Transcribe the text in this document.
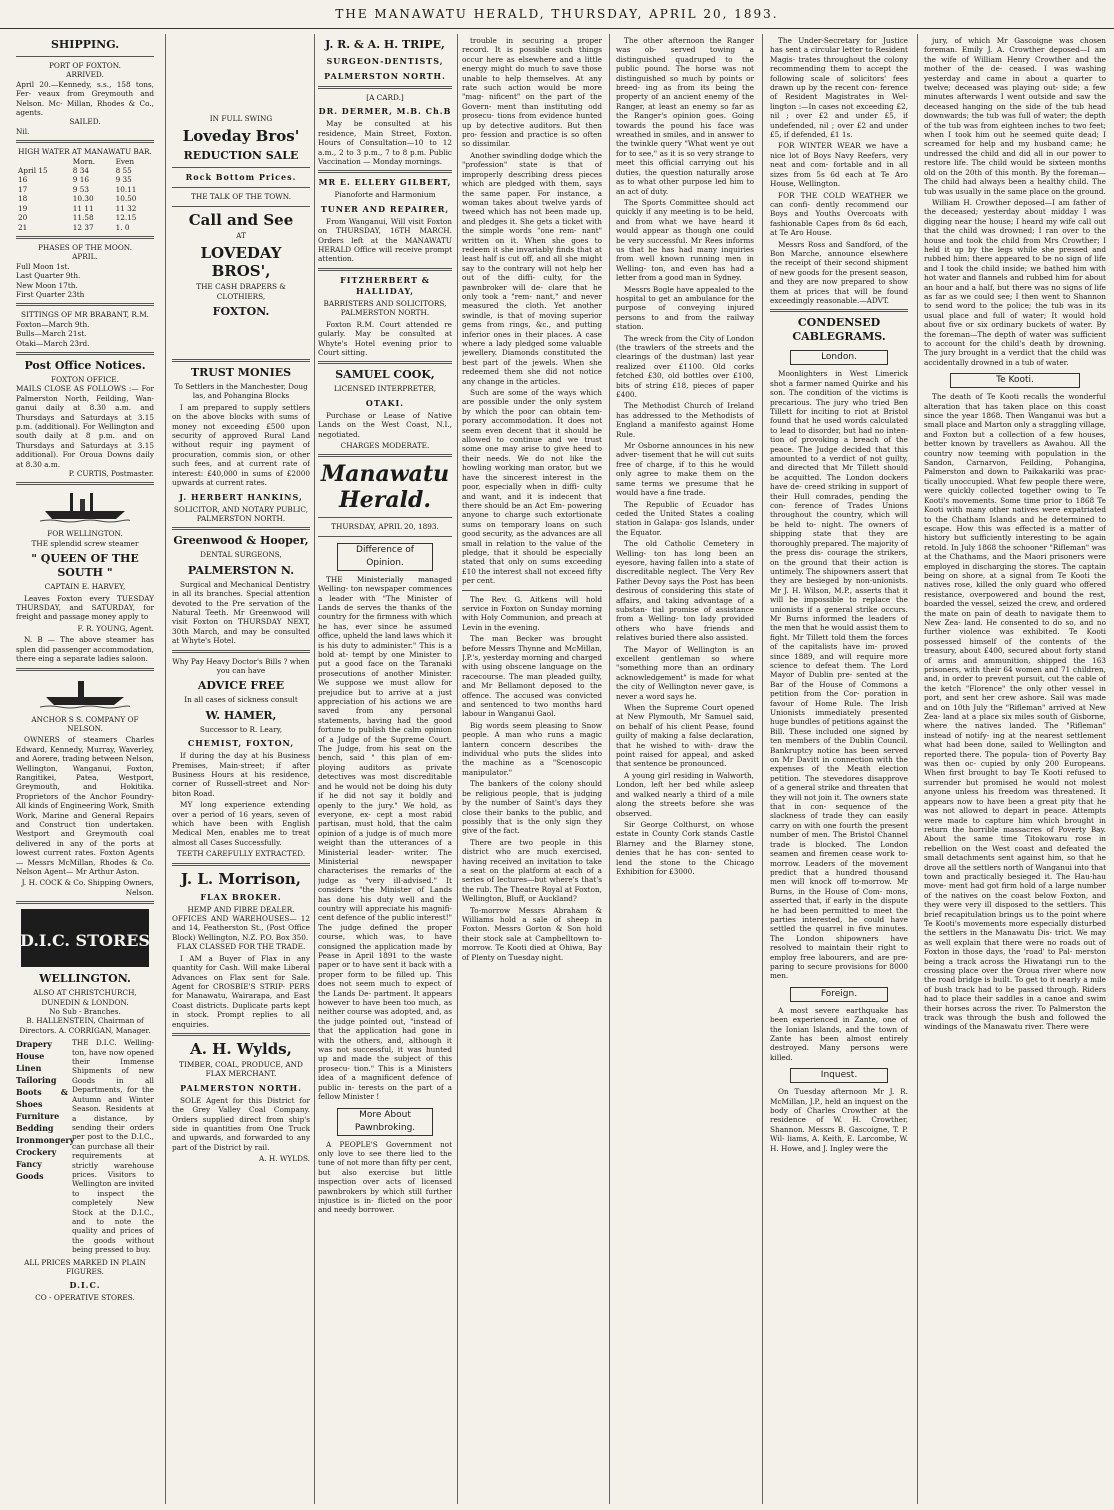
THE MANAWATU HERALD, THURSDAY, APRIL 20, 1893.
SHIPPING.
PORT OF FOXTON.
ARRIVED.
April 20.—Kennedy, s.s., 158 tons, Fer- veaux from Greymouth and Nelson. Mc- Millan, Rhodes & Co., agents.
SAILED.
Nil.
HIGH WATER AT MANAWATU BAR.
	Morn.	Even
April 15	8 34	8 55
16	9 16	9 35
17	9 53	10.11
18	10.30	10.50
19	11 11	11 32
20	11.58	12.15
21	12 37	1. 0
PHASES OF THE MOON.
APRIL.
Full Moon 1st.
Last Quarter 9th.
New Moon 17th.
First Quarter 23th
SITTINGS OF MR BRABANT, R.M.
Foxton—March 9th.
Bulls—March 21st.
Otaki—March 23rd.
Post Office Notices.
FOXTON OFFICE.
MAILS CLOSE AS FOLLOWS :— For Palmerston North, Feilding, Wan- ganui daily at 8.30 a.m. and Thursdays and Saturdays at 3.15 p.m. (additional). For Wellington and south daily at 8 p.m. and on Thursdays and Saturdays at 3.15 additional). For Oroua Downs daily at 8.30 a.m.
P. CURTIS, Postmaster.
FOR WELLINGTON.
THE splendid screw steamer
" QUEEN OF THE SOUTH "
CAPTAIN E. HARVEY,
Leaves Foxton every TUESDAY THURSDAY, and SATURDAY, for freight and passage money apply to
F. R. YOUNG, Agent.
N. B — The above steamer has splen did passenger accommodation, there eing a separate ladies saloon.
ANCHOR S S. COMPANY OF NELSON.
OWNERS of steamers Charles Edward, Kennedy, Murray, Waverley, and Aorere, trading between Nelson, Wellington, Wanganui, Foxton, Rangitikei, Patea, Westport, Greymouth, and Hokitika. Proprietors of the Anchor Foundry- All kinds of Engineering Work, Smith Work, Marine and General Repairs and Construct tion undertaken. Westport and Greymouth coal delivered in any of the ports at lowest current rates. Foxton Agents— Messrs McMillan, Rhodes & Co. Nelson Agent— Mr Arthur Aston.
J. H. COCK & Co. Shipping Owners, Nelson.
D.I.C. STORES
WELLINGTON.
ALSO AT CHRISTCHURCH, DUNEDIN & LONDON.
No Sub - Branches.
B. HALLENSTEIN, Chairman of Directors. A. CORRIGAN, Manager.
Drapery
House Linen
Tailoring
Boots & Shoes
Furniture
Bedding
Ironmongery
Crockery
Fancy Goods
THE D.I.C. Welling- ton, have now opened their Immense Shipments of new Goods in all Departments, for the Autumn and Winter Season. Residents at a distance, by sending their orders per post to the D.I.C., can purchase all their requirements at strictly warehouse prices. Visitors to Wellington are invited to inspect the completely New Stock at the D.I.C., and to note the quality and prices of the goods without being pressed to buy.
ALL PRICES MARKED IN PLAIN FIGURES.
D.I.C.
CO - OPERATIVE STORES.
IN FULL SWING
Loveday Bros'
REDUCTION SALE
Rock Bottom Prices.
THE TALK OF THE TOWN.
Call and See
AT
LOVEDAY BROS',
THE CASH DRAPERS & CLOTHIERS,
FOXTON.
TRUST MONIES
To Settlers in the Manchester, Doug las, and Pohangina Blocks
I am prepared to supply settlers on the above blocks with sums of money not exceeding £500 upon security of approved Rural Land without requir ing payment of procuration, commis sion, or other such fees, and at current rate of interest: £40,000 in sums of £2000 upwards at current rates.
J. HERBERT HANKINS,
SOLICITOR, AND NOTARY PUBLIC, PALMERSTON NORTH.
Greenwood & Hooper,
DENTAL SURGEONS,
PALMERSTON N.
Surgical and Mechanical Dentistry in all its branches. Special attention devoted to the Pre servation of the Natural Teeth. Mr Greenwood will visit Foxton on THURSDAY NEXT, 30th March, and may be consulted at Whyte's Hotel.
Why Pay Heavy Doctor's Bills ? when you can have
ADVICE FREE
In all cases of sickness consult
W. HAMER,
Successor to R. Leary,
CHEMIST, FOXTON,
If during the day at his Business Premises, Main-street; if after Business Hours at his residence, corner of Russell-street and Nor- biton Road.
MY long experience extending over a period of 16 years, seven of which have been with English Medical Men, enables me to treat almost all Cases Successfully.
TEETH CAREFULLY EXTRACTED.
J. L. Morrison,
FLAX BROKER.
HEMP AND FIBRE DEALER.
OFFICES AND WAREHOUSES— 12 and 14, Featherston St., (Post Office Block) Wellington, N.Z. P.O. Box 350.
FLAX CLASSED FOR THE TRADE.
I AM a Buyer of Flax in any quantity for Cash. Will make Liberal Advances on Flax sent for Sale. Agent for CROSBIE'S STRIP- PERS for Manawatu, Wairarapa, and East Coast districts. Duplicate parts kept in stock. Prompt replies to all enquiries.
A. H. Wylds,
TIMBER, COAL, PRODUCE, AND FLAX MERCHANT.
PALMERSTON NORTH.
SOLE Agent for this District for the Grey Valley Coal Company. Orders supplied direct from ship's side in quantities from One Truck and upwards, and forwarded to any part of the District by rail.
A. H. WYLDS.
J. R. & A. H. TRIPE,
SURGEON-DENTISTS,
PALMERSTON NORTH.
[A CARD.]
DR. DERMER, M.B. Ch.B
May be consulted at his residence, Main Street, Foxton. Hours of Consultation—10 to 12 a.m., 2 to 3 p.m., 7 to 8 p.m. Public Vaccination — Monday mornings.
MR E. ELLERY GILBERT,
Pianoforte and Harmonium
TUNER AND REPAIRER,
From Wanganui, Will visit Foxton on THURSDAY, 16TH MARCH. Orders left at the MANAWATU HERALD Office will receive prompt attention.
FITZHERBERT & HALLIDAY,
BARRISTERS AND SOLICITORS,
PALMERSTON NORTH.
Foxton R.M. Court attended re gularly. May be consulted at Whyte's Hotel evening prior to Court sitting.
SAMUEL COOK,
LICENSED INTERPRETER,
OTAKI.
Purchase or Lease of Native Lands on the West Coast, N.I., negotiated.
CHARGES MODERATE.
Manawatu Herald.
THURSDAY, APRIL 20, 1893.
Difference of Opinion.
THE Ministerially managed Welling- ton newspaper commences a leader with "The Minister of Lands de serves the thanks of the country for the firmness with which he has, ever since he assumed office, upheld the land laws which it is his duty to administer." This is a bold at- tempt by one Minister to put a good face on the Taranaki prosecutions of another Minister. We suppose we must allow for prejudice but to arrive at a just appreciation of his actions we are saved from any personal statements, having had the good fortune to publish the calm opinion of a Judge of the Supreme Court. The Judge, from his seat on the bench, said " this plan of em- ploying auditors as private detectives was most discreditable and he would not be doing his duty if he did not say it boldly and openly to the jury." We hold, as everyone, ex- cept a most rabid partisan, must hold, that the calm opinion of a judge is of much more weight than the utterances of a Ministerial leader- writer. The Ministerial newspaper characterises the remarks of the judge as "very ill-advised." It considers "the Minister of Lands has done his duty well and the country will appreciate his magnifi- cent defence of the public interest!" The judge defined the proper course, which was, to have consigned the application made by Pease in April 1891 to the waste paper or to have sent it back with a proper form to be filled up. This does not seem much to expect of the Lands De- partment. It appears however to have been too much, as neither course was adopted, and, as the judge pointed out, "instead of that the application had gone in with the others, and, although it was not successful, it was hunted up and made the subject of this prosecu- tion." This is a Ministers idea of a magnificent defence of public in- terests on the part of a fellow Minister !
More About Pawnbroking.
A PEOPLE'S Government not only love to see there lied to the tune of not more than fifty per cent, but also exercise but little inspection over acts of licensed pawnbrokers by which still further injustice is in- flicted on the poor and needy borrower.
trouble in securing a proper record. It is possible such things occur here as elsewhere and a little energy might do much to save those unable to help themselves. At any rate such action would be more "mag- nificent" on the part of the Govern- ment than instituting odd prosecu- tions from evidence hunted up by detective auditors. But then pro- fession and practice is so often so dissimilar.
Another swindling dodge which the "profession" state is that of improperly describing dress pieces which are pledged with them, says the same paper. For instance, a woman takes about twelve yards of tweed which has not been made up, and pledges it. She gets a ticket with the simple words "one rem- nant" written on it. When she goes to redeem it she invariably finds that at least half is cut off, and all she might say to the contrary will not help her out of the diffi- culty, for the pawnbroker will de- clare that he only took a "rem- nant," and never measured the cloth. Yet another swindle, is that of moving superior gems from rings, &c., and putting inferior ones in their places. A case where a lady pledged some valuable jewellery. Diamonds constituted the best part of the jewels. When she redeemed them she did not notice any change in the articles.
Such are some of the ways which are possible under the only system by which the poor can obtain tem- porary accommodation. It does not seem even decent that it should be allowed to continue and we trust some one may arise to give heed to their needs. We do not like the howling working man orator, but we have the sincerest interest in the poor, especially when in diffi- culty and want, and it is indecent that there should be an Act Em- powering anyone to charge such extortionate sums on temporary loans on such good security, as the advances are all small in relation to the value of the pledge, that it should be especially stated that only on sums exceeding £10 the interest shall not exceed fifty per cent.
The Rev. G. Aitkens will hold service in Foxton on Sunday morning with Holy Communion, and preach at Levin in the evening.
The man Becker was brought before Messrs Thynne and McMillan, J.P.'s, yesterday morning and charged with using obscene language on the racecourse. The man pleaded guilty, and Mr Bellamont deposed to the offence. The accused was convicted and sentenced to two months hard labour in Wanganui Gaol.
Big words seem pleasing to Snow people. A man who runs a magic lantern concern describes the individual who puts the slides into the machine as a "Scenoscopic manipulator."
The bankers of the colony should be religious people, that is judging by the number of Saint's days they close their banks to the public, and possibly that is the only sign they give of the fact.
There are two people in this district who are much exercised, having received an invitation to take a seat on the platform at each of a series of lectures—but where's that's the rub. The Theatre Royal at Foxton, Wellington, Bluff, or Auckland?
To-morrow Messrs Abraham & Williams hold a sale of sheep in Foxton. Messrs Gorton & Son hold their stock sale at Campbelltown to-morrow. Te Kooti died at Ohiwa, Bay of Plenty on Tuesday night.
The other afternoon the Ranger was ob- served towing a distinguished quadruped to the public pound. The horse was not distinguished so much by points or breed- ing as from its being the property of an ancient enemy of the Ranger, at least an enemy so far as the Ranger's opinion goes. Going towards the pound his face was wreathed in smiles, and in answer to the twinkle query "What went ye out for to see," as it is so very strange to meet this official carrying out his duties, the question naturally arose as to what other purpose led him to an act of duty.
The Sports Committee should act quickly if any meeting is to be held, and from what we have heard it would appear as though one could be very successful. Mr Rees informs us that he has had many inquiries from well known running men in Welling- ton, and even has had a letter from a good man in Sydney.
Messrs Bogle have appealed to the hospital to get an ambulance for the purpose of conveying injured persons to and from the railway station.
The wreck from the City of London (the trawlers of the streets and the clearings of the dustman) last year realized over £1100. Old corks fetched £30, old bottles over £100, bits of string £18, pieces of paper £400.
The Methodist Church of Ireland has addressed to the Methodists of England a manifesto against Home Rule.
Mr Osborne announces in his new adver- tisement that he will cut suits free of charge, if to this he would only agree to make them on the same terms we presume that he would have a fine trade.
The Republic of Ecuador has ceded the United States a coaling station in Galapa- gos Islands, under the Equator.
The old Catholic Cemetery in Welling- ton has long been an eyesore, having fallen into a state of discreditable neglect. The Very Rev Father Devoy says the Post has been desirous of considering this state of affairs, and taking advantage of a substan- tial promise of assistance from a Welling- ton lady provided others who have friends and relatives buried there also assisted.
The Mayor of Wellington is an excellent gentleman so where "something more than an ordinary acknowledgement" is made for what the city of Wellington never gave, is never a word says he.
When the Supreme Court opened at New Plymouth, Mr Samuel said, on behalf of his client Pease, found guilty of making a false declaration, that he wished to with- draw the point raised for appeal, and asked that sentence be pronounced.
A young girl residing in Walworth, London, left her bed while asleep and walked nearly a third of a mile along the streets before she was observed.
Sir George Colthurst, on whose estate in County Cork stands Castle Blarney and the Blarney stone, denies that he has con- sented to lend the stone to the Chicago Exhibition for £3000.
The Under-Secretary for Justice has sent a circular letter to Resident Magis- trates throughout the colony recommending them to accept the following scale of solicitors' fees drawn up by the recent con- ference of Resident Magistrates in Wel- lington :—In cases not exceeding £2, nil ; over £2 and under £5, if undefended, nil ; over £2 and under £5, if defended, £1 1s.
FOR WINTER WEAR we have a nice lot of Boys Navy Reefers, very neat and com- fortable and in all sizes from 5s 6d each at Te Aro House, Wellington.
FOR THE COLD WEATHER we can confi- dently recommend our Boys and Youths Overcoats with fashionable Capes from 8s 6d each, at Te Aro House.
Messrs Ross and Sandford, of the Bon Marche, announce elsewhere the receipt of their second shipment of new goods for the present season, and they are now prepared to show them at prices that will be found exceedingly reasonable.—ADVT.
CONDENSED CABLEGRAMS.
London.
Moonlighters in West Limerick shot a farmer named Quirke and his son. The condition of the victims is precarious. The jury who tried Ben Tillett for inciting to riot at Bristol found that he used words calculated to lead to disorder, but had no inten- tion of provoking a breach of the peace. The Judge decided that this amounted to a verdict of not guilty, and directed that Mr Tillett should be acquitted. The London dockers have de- creed striking in support of their Hull comrades, pending the con- ference of Trades Unions throughout the country, which will be held to- night. The owners of shipping state that they are thoroughly prepared. The majority of the press dis- courage the strikers, on the ground that their action is untimely. The shipowners assert that they are besieged by non-unionists. Mr J. H. Wilson, M.P., asserts that it will be impossible to replace the unionists if a general strike occurs. Mr Burns informed the leaders of the men that he would assist them to fight. Mr Tillett told them the forces of the capitalists have im- proved since 1889, and will require more science to defeat them. The Lord Mayor of Dublin pre- sented at the Bar of the House of Commons a petition from the Cor- poration in favour of Home Rule. The Irish Unionists immediately presented huge bundles of petitions against the Bill. These included one signed by ten members of the Dublin Council. Bankruptcy notice has been served on Mr Davitt in connection with the expenses of the Meath election petition. The stevedores disapprove of a general strike and threaten that they will not join it. The owners state that in con- sequence of the slackness of trade they can easily carry on with one fourth the present number of men. The Bristol Channel trade is blocked. The London seamen and firemen cease work to-morrow. Leaders of the movement predict that a hundred thousand men will knock off to-morrow. Mr Burns, in the House of Com- mons, asserted that, if early in the dispute he had been permitted to meet the parties interested, he could have settled the quarrel in five minutes. The London shipowners have resolved to maintain their right to employ free labourers, and are pre- paring to secure provisions for 8000 men.
Foreign.
A most severe earthquake has been experienced in Zante, one of the Ionian Islands, and the town of Zante has been almost entirely destroyed. Many persons were killed.
Inquest.
On Tuesday afternoon Mr J. R. McMillan, J.P., held an inquest on the body of Charles Crowther at the residence of W. H. Crowther, Shannon. Messrs B. Gascoigne, T. P. Wil- liams, A. Keith, E. Larcombe, W. H. Howe, and J. Ingley were the
jury, of which Mr Gascoigne was chosen foreman. Emily J. A. Crowther deposed—I am the wife of William Henry Crowther and the mother of the de- ceased. I was washing yesterday and came in about a quarter to twelve; deceased was playing out- side; a few minutes afterwards I went outside and saw the deceased hanging on the side of the tub head downwards; the tub was full of water; the depth of the tub was from eighteen inches to two feet; when I took him out he seemed quite dead; I screamed for help and my husband came; he undressed the child and did all in our power to restore life. The child would be sixteen months old on the 20th of this month. By the foreman—The child had always been a healthy child. The tub was usually in the same place on the ground.
William H. Crowther deposed—I am father of the deceased; yesterday about midday I was digging near the house; I heard my wife call out that the child was drowned; I ran over to the house and took the child from Mrs Crowther; I held it up by the legs while she pressed and rubbed him; there appeared to be no sign of life and I took the child inside; we bathed him with hot water and flannels and rubbed him for about an hour and a half, but there was no signs of life as far as we could see; I then went to Shannon to send word to the police; the tub was in its usual place and full of water; It would hold about five or six ordinary buckets of water. By the foreman—The depth of water was sufficient to account for the child's death by drowning. The jury brought in a verdict that the child was accidentally drowned in a tub of water.
Te Kooti.
The death of Te Kooti recalls the wonderful alteration that has taken place on this coast since the year 1868. Then Wanganui was but a small place and Marton only a straggling village, and Foxton but a collection of a few houses, better known by travellers as Awahou. All the country now teeming with population in the Sandon, Carnarvon, Feilding, Pohangina, Palmerston and down to Paikakariki was prac- tically unoccupied. What few people there were, were quickly collected together owing to Te Kooti's movements. Some time prior to 1868 Te Kooti with many other natives were expatriated to the Chatham Islands and he determined to escape. How this was effected is a matter of history but sufficiently interesting to be again retold. In July 1868 the schooner "Rifleman" was at the Chathams, and the Maori prisoners were employed in discharging the stores. The captain being on shore, at a signal from Te Kooti the natives rose, killed the only guard who offered resistance, overpowered and bound the rest, boarded the vessel, seized the crew, and ordered the mate on pain of death to navigate them to New Zea- land. He consented to do so, and no further violence was exhibited. Te Kooti possessed himself of the contents of the treasury, about £400, secured about forty stand of arms and ammunition, shipped the 163 prisoners, with their 64 women and 71 children, and, in order to prevent pursuit, cut the cable of the ketch "Florence" the only other vessel in port, and sent her crew ashore. Sail was made and on 10th July the "Rifleman" arrived at New Zea- land at a place six miles south of Gisborne, where the natives landed. The "Rifleman" instead of notify- ing at the nearest settlement what had been done, sailed to Wellington and reported there. The popula- tion of Poverty Bay was then oc- cupied by only 200 Europeans. When first brought to bay Te Kooti refused to surrender but promised he would not molest anyone unless his freedom was threatened. It appears now to have been a great pity that he was not allowed to depart in peace. Attempts were made to capture him which brought in return the horrible massacres of Poverty Bay. About the same time Titokowaru rose in rebellion on the West coast and defeated the small detachments sent against him, so that he drove all the settlers north of Wanganui into that town and practically besieged it. The Hau-hau move- ment had got firm hold of a large number of the natives on the coast below Foxton, and they were very ill disposed to the settlers. This brief recapitulation brings us to the point where Te Kooti's movements more especially disturbed the settlers in the Manawatu Dis- trict. We may as well explain that there were no roads out of Foxton in those days, the 'road' to Pal- merston being a track across the Hiwatangi run to the crossing place over the Oroua river where now the road bridge is built. To get to it nearly a mile of bush track had to be passed through. Riders had to place their saddles in a canoe and swim their horses across the river. To Palmerston the track was through the bush and followed the windings of the Manawatu river. There were
